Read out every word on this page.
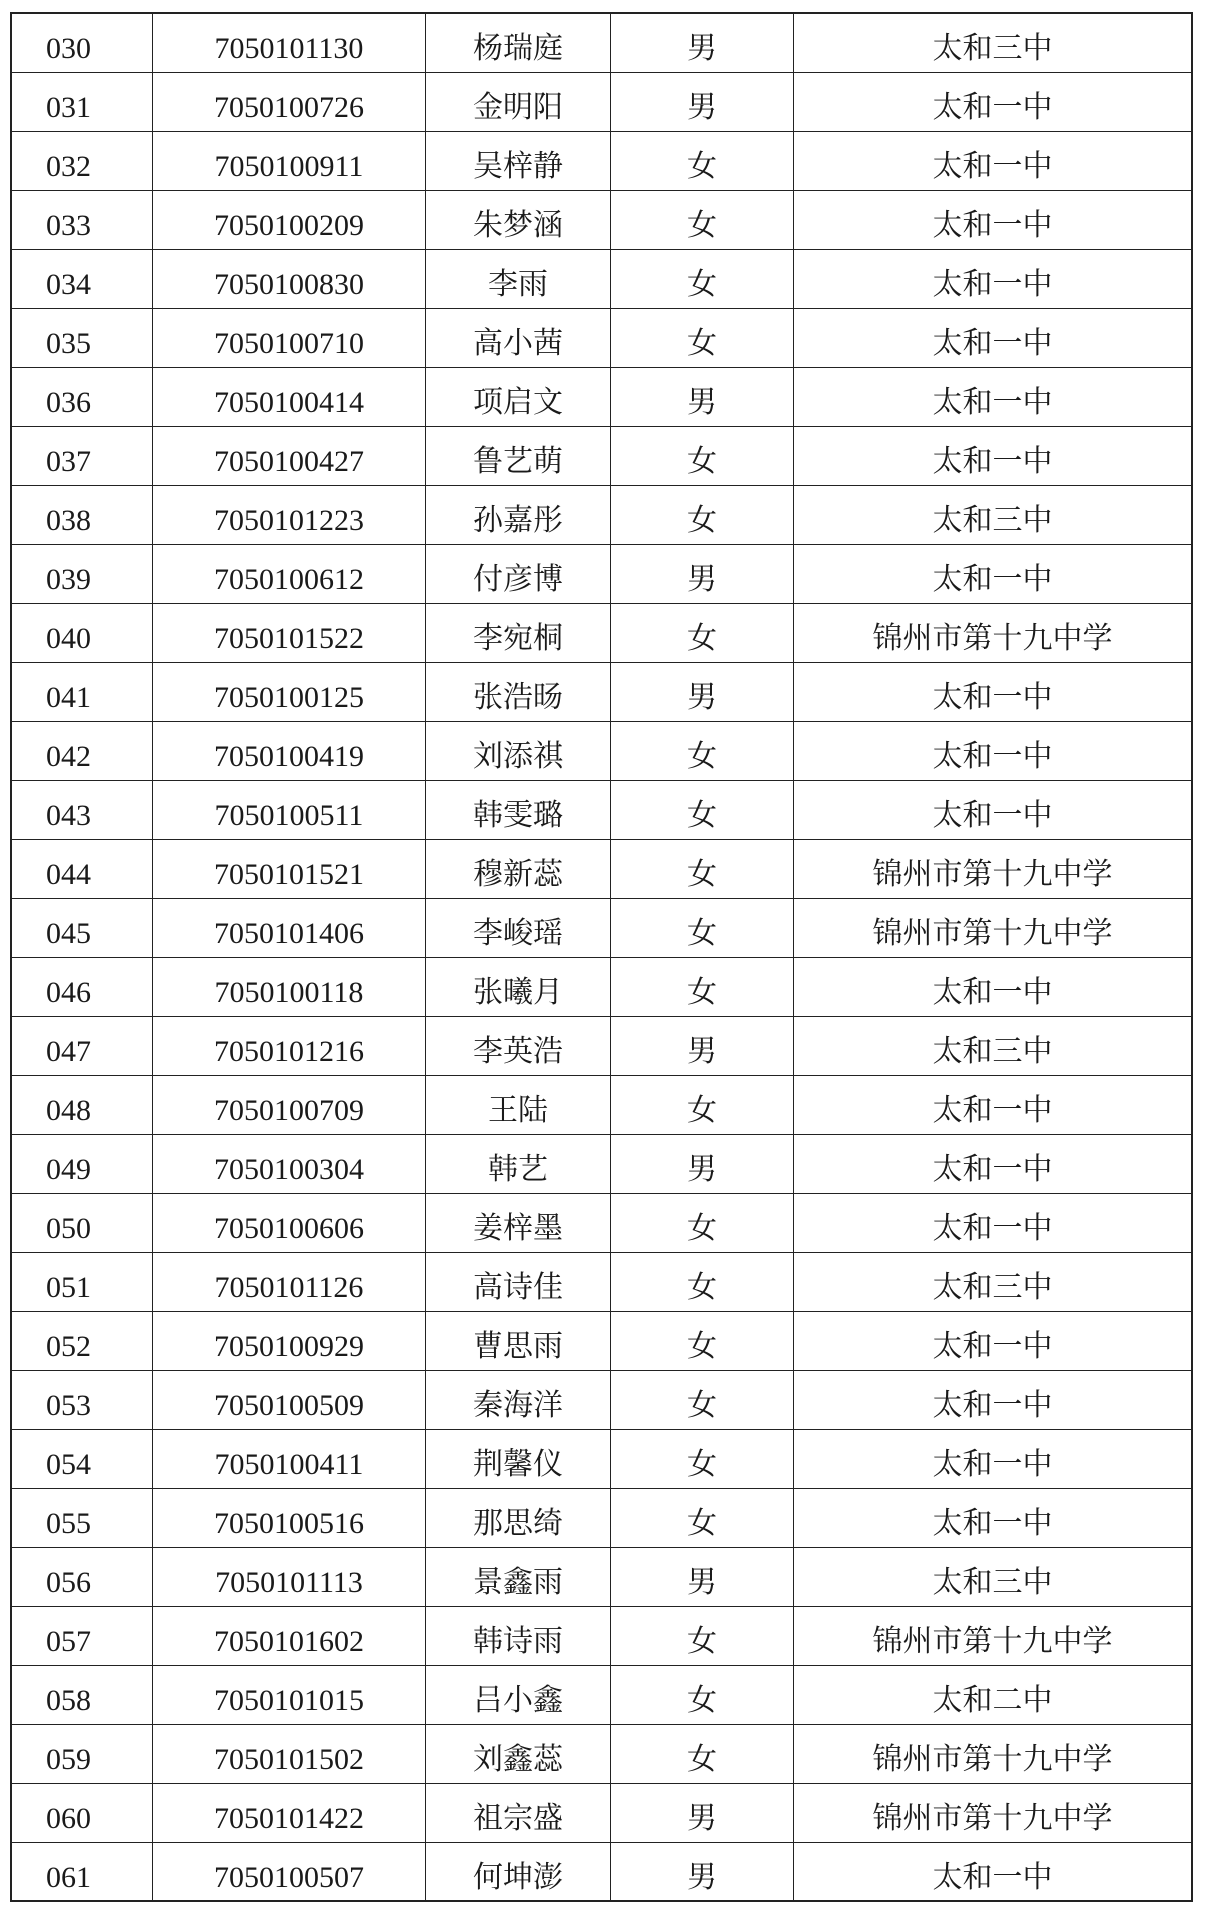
030	7050101130	杨瑞庭	男	太和三中
031	7050100726	金明阳	男	太和一中
032	7050100911	吴梓静	女	太和一中
033	7050100209	朱梦涵	女	太和一中
034	7050100830	李雨	女	太和一中
035	7050100710	高小茜	女	太和一中
036	7050100414	项启文	男	太和一中
037	7050100427	鲁艺萌	女	太和一中
038	7050101223	孙嘉彤	女	太和三中
039	7050100612	付彦博	男	太和一中
040	7050101522	李宛桐	女	锦州市第十九中学
041	7050100125	张浩旸	男	太和一中
042	7050100419	刘添祺	女	太和一中
043	7050100511	韩雯璐	女	太和一中
044	7050101521	穆新蕊	女	锦州市第十九中学
045	7050101406	李峻瑶	女	锦州市第十九中学
046	7050100118	张曦月	女	太和一中
047	7050101216	李英浩	男	太和三中
048	7050100709	王陆	女	太和一中
049	7050100304	韩艺	男	太和一中
050	7050100606	姜梓墨	女	太和一中
051	7050101126	高诗佳	女	太和三中
052	7050100929	曹思雨	女	太和一中
053	7050100509	秦海洋	女	太和一中
054	7050100411	荆馨仪	女	太和一中
055	7050100516	那思绮	女	太和一中
056	7050101113	景鑫雨	男	太和三中
057	7050101602	韩诗雨	女	锦州市第十九中学
058	7050101015	吕小鑫	女	太和二中
059	7050101502	刘鑫蕊	女	锦州市第十九中学
060	7050101422	祖宗盛	男	锦州市第十九中学
061	7050100507	何坤澎	男	太和一中
